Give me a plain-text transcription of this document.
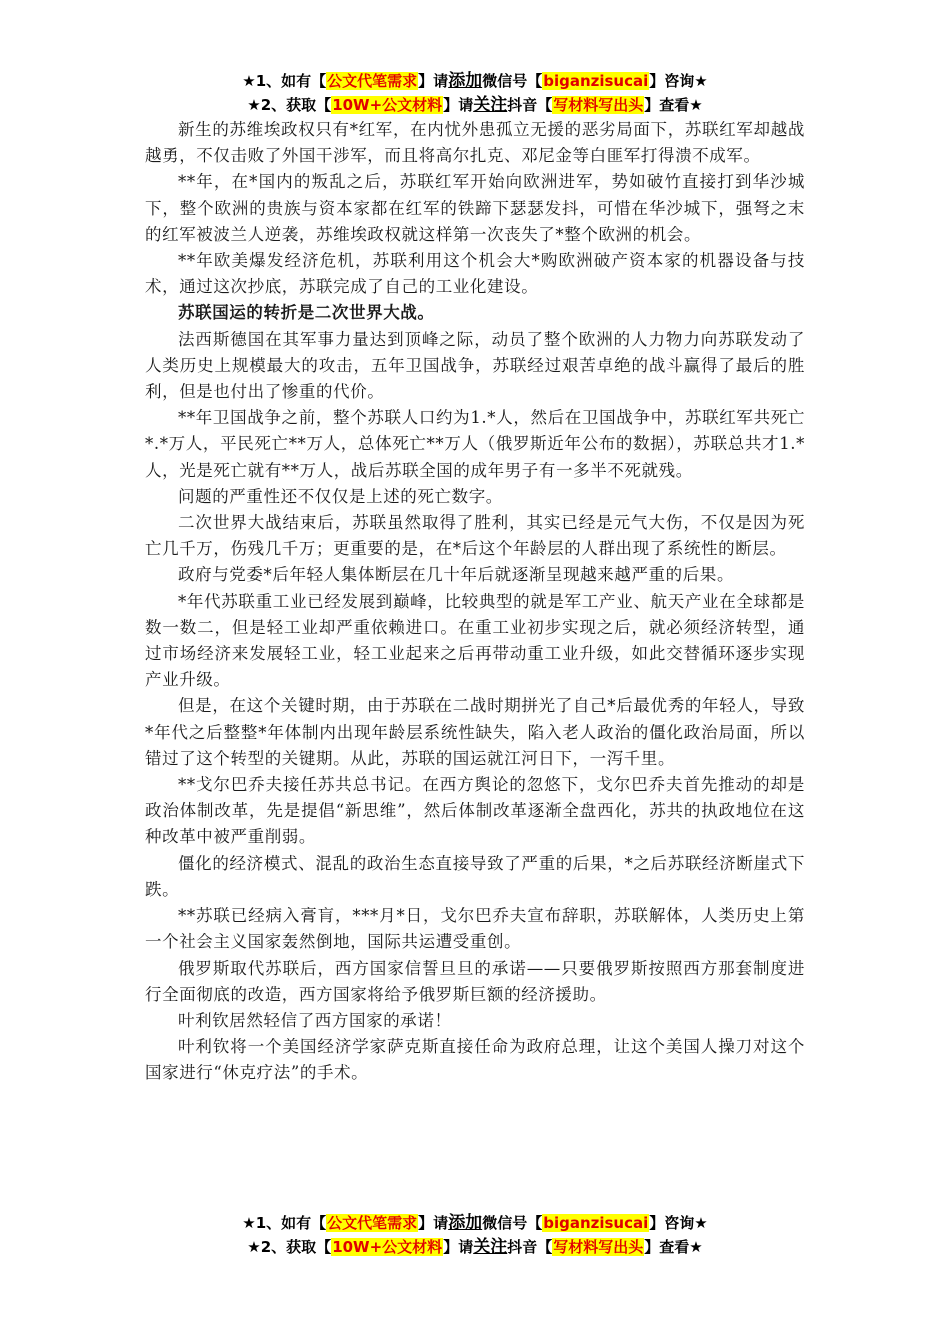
★1、如有【公文代笔需求】请添加微信号【biganzisucai】咨询★
★2、获取【10W+公文材料】请关注抖音【写材料写出头】查看★

新生的苏维埃政权只有*红军，在内忧外患孤立无援的恶劣局面下，苏联红军却越战越勇，不仅击败了外国干涉军，而且将高尔扎克、邓尼金等白匪军打得溃不成军。

**年，在*国内的叛乱之后，苏联红军开始向欧洲进军，势如破竹直接打到华沙城下，整个欧洲的贵族与资本家都在红军的铁蹄下瑟瑟发抖，可惜在华沙城下，强弩之末的红军被波兰人逆袭，苏维埃政权就这样第一次丧失了*整个欧洲的机会。

**年欧美爆发经济危机，苏联利用这个机会大*购欧洲破产资本家的机器设备与技术，通过这次抄底，苏联完成了自己的工业化建设。

苏联国运的转折是二次世界大战。

法西斯德国在其军事力量达到顶峰之际，动员了整个欧洲的人力物力向苏联发动了人类历史上规模最大的攻击，五年卫国战争，苏联经过艰苦卓绝的战斗赢得了最后的胜利，但是也付出了惨重的代价。

**年卫国战争之前，整个苏联人口约为1.*人，然后在卫国战争中，苏联红军共死亡*.*万人，平民死亡**万人，总体死亡**万人（俄罗斯近年公布的数据），苏联总共才1.*人，光是死亡就有**万人，战后苏联全国的成年男子有一多半不死就残。

问题的严重性还不仅仅是上述的死亡数字。

二次世界大战结束后，苏联虽然取得了胜利，其实已经是元气大伤，不仅是因为死亡几千万，伤残几千万；更重要的是，在*后这个年龄层的人群出现了系统性的断层。

政府与党委*后年轻人集体断层在几十年后就逐渐呈现越来越严重的后果。

*年代苏联重工业已经发展到巅峰，比较典型的就是军工产业、航天产业在全球都是数一数二，但是轻工业却严重依赖进口。在重工业初步实现之后，就必须经济转型，通过市场经济来发展轻工业，轻工业起来之后再带动重工业升级，如此交替循环逐步实现产业升级。

但是，在这个关键时期，由于苏联在二战时期拼光了自己*后最优秀的年轻人，导致*年代之后整整*年体制内出现年龄层系统性缺失，陷入老人政治的僵化政治局面，所以错过了这个转型的关键期。从此，苏联的国运就江河日下，一泻千里。

**戈尔巴乔夫接任苏共总书记。在西方舆论的忽悠下，戈尔巴乔夫首先推动的却是政治体制改革，先是提倡“新思维”，然后体制改革逐渐全盘西化，苏共的执政地位在这种改革中被严重削弱。

僵化的经济模式、混乱的政治生态直接导致了严重的后果，*之后苏联经济断崖式下跌。

**苏联已经病入膏肓，***月*日，戈尔巴乔夫宣布辞职，苏联解体，人类历史上第一个社会主义国家轰然倒地，国际共运遭受重创。

俄罗斯取代苏联后，西方国家信誓旦旦的承诺——只要俄罗斯按照西方那套制度进行全面彻底的改造，西方国家将给予俄罗斯巨额的经济援助。

叶利钦居然轻信了西方国家的承诺！

叶利钦将一个美国经济学家萨克斯直接任命为政府总理，让这个美国人操刀对这个国家进行“休克疗法”的手术。

★1、如有【公文代笔需求】请添加微信号【biganzisucai】咨询★
★2、获取【10W+公文材料】请关注抖音【写材料写出头】查看★
